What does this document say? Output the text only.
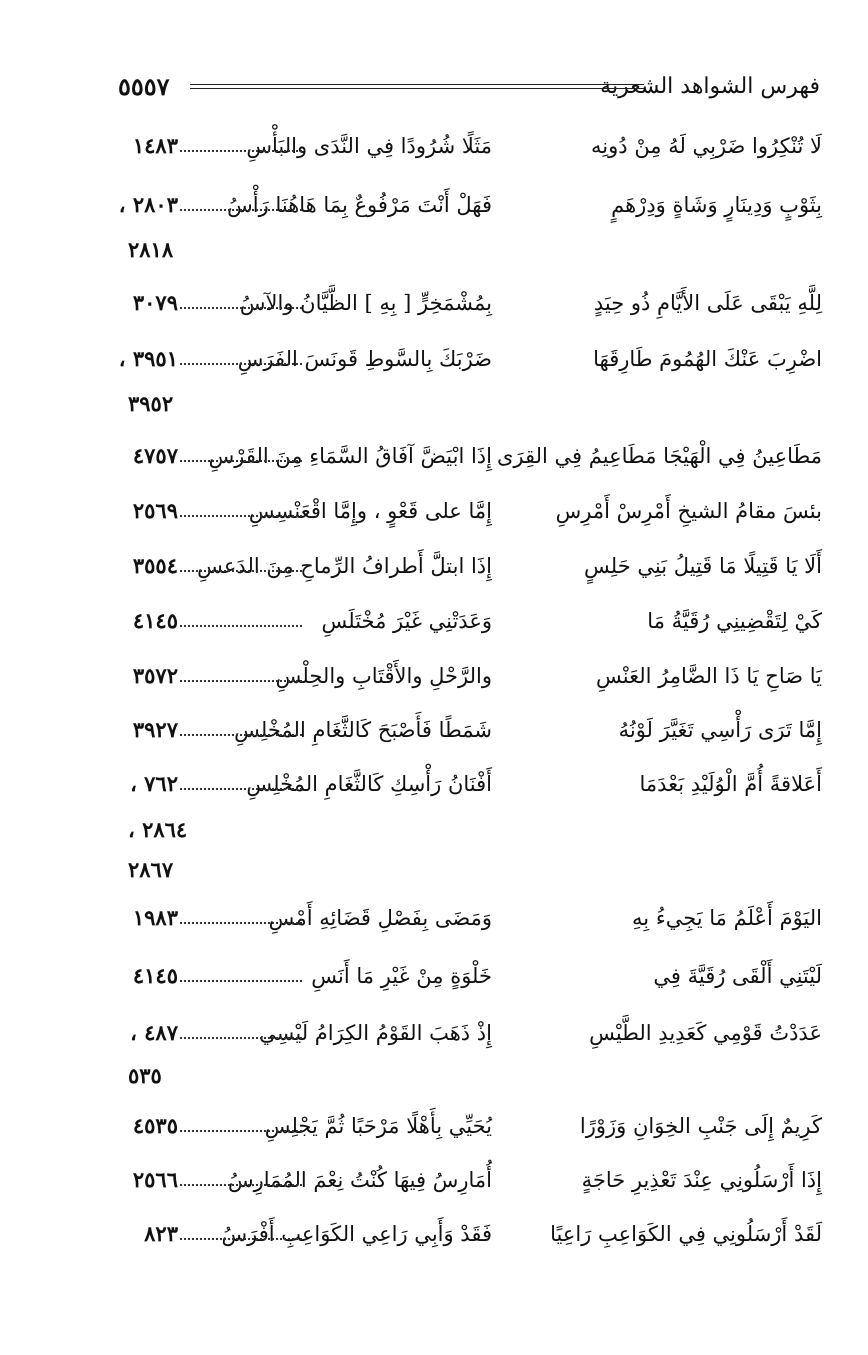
فهرس الشواهد الشعرية
٥٥٥٧
لَا تُنْكِرُوا ضَرْبِي لَهُ مِنْ دُونِه
مَثَلًا شُرُودًا فِي النَّدَى والبَأْسِ
١٤٨٣
بِثَوْبٍ وَدِينَارٍ وَشَاةٍ وَدِرْهَمٍ
فَهَلْ أَنْتَ مَرْفُوعٌ بِمَا هَاهُنَا رَأْسُ
٢٨٠٣ ،
٢٨١٨
لِلَّهِ يَبْقَى عَلَى الأَيَّامِ ذُو حِيَدٍ
بِمُشْمَخِرٍّ [ بِهِ ] الظَّيَّانُ والآسُ
٣٠٧٩
اضْرِبَ عَنْكَ الهُمُومَ طَارِقَهَا
ضَرْبَكَ بِالسَّوطِ قَونَسَ الفَرَسِ
٣٩٥١ ،
٣٩٥٢
مَطَاعِينُ فِي الْهَيْجَا مَطَاعِيمُ فِي القِرَى
إِذَا ابْيَضَّ آفَاقُ السَّمَاءِ مِنَ القَرْسِ
٤٧٥٧
بئسَ مقامُ الشيخِ أَمْرِسْ أَمْرِسِ
إِمَّا على قَعْوٍ ، وإِمَّا اقْعَنْسِسِ
٢٥٦٩
أَلَا يَا قَتِيلًا مَا قَتِيلُ بَنِي حَلِسٍ
إِذَا ابتلَّ أَطرافُ الرِّماحِ مِنَ الدَعسِ
٣٥٥٤
كَيْ لِتَقْضِينِي رُقَيَّةُ مَا
وَعَدَتْنِي غَيْرَ مُخْتَلَسِ
٤١٤٥
يَا صَاحِ يَا ذَا الضَّامِرُ العَنْسِ
والرَّحْلِ والأَقْتَابِ والحِلْسِ
٣٥٧٢
إِمَّا تَرَى رَأْسِي تَغَيَّرَ لَوْنُهُ
شَمَطًا فَأَصْبَحَ كَالثَّغَامِ المُخْلِسِ
٣٩٢٧
أَعَلاقةً أُمَّ الْوُلَيْدِ بَعْدَمَا
أَفْنَانُ رَأْسِكِ كَالثَّغَامِ المُخْلِسِ
٧٦٢ ،
٢٨٦٤ ،
٢٨٦٧
اليَوْمَ أَعْلَمُ مَا يَجِيءُ بِهِ
وَمَضَى بِفَصْلِ قَضَائِهِ أَمْسِ
١٩٨٣
لَيْتَنِي أَلْقَى رُقَيَّةَ فِي
خَلْوَةٍ مِنْ غَيْرِ مَا أَنَسِ
٤١٤٥
عَدَدْتُ قَوْمِي كَعَدِيدِ الطَّيْسِ
إِذْ ذَهَبَ القَوْمُ الكِرَامُ لَيْسِي
٤٨٧ ،
٥٣٥
كَرِيمٌ إِلَى جَنْبِ الخِوَانِ وَزَوْرًا
يُحَيِّي بِأَهْلًا مَرْحَبًا ثُمَّ يَجْلِسِ
٤٥٣٥
إِذَا أَرْسَلُونِي عِنْدَ تَعْذِيرِ حَاجَةٍ
أُمَارِسُ فِيهَا كُنْتُ نِعْمَ المُمَارِسُ
٢٥٦٦
لَقَدْ أَرْسَلُونِي فِي الكَوَاعِبِ رَاعِيًا
فَقَدْ وَأَبِي رَاعِي الكَوَاعِبِ أَفْرَسُ
٨٢٣
